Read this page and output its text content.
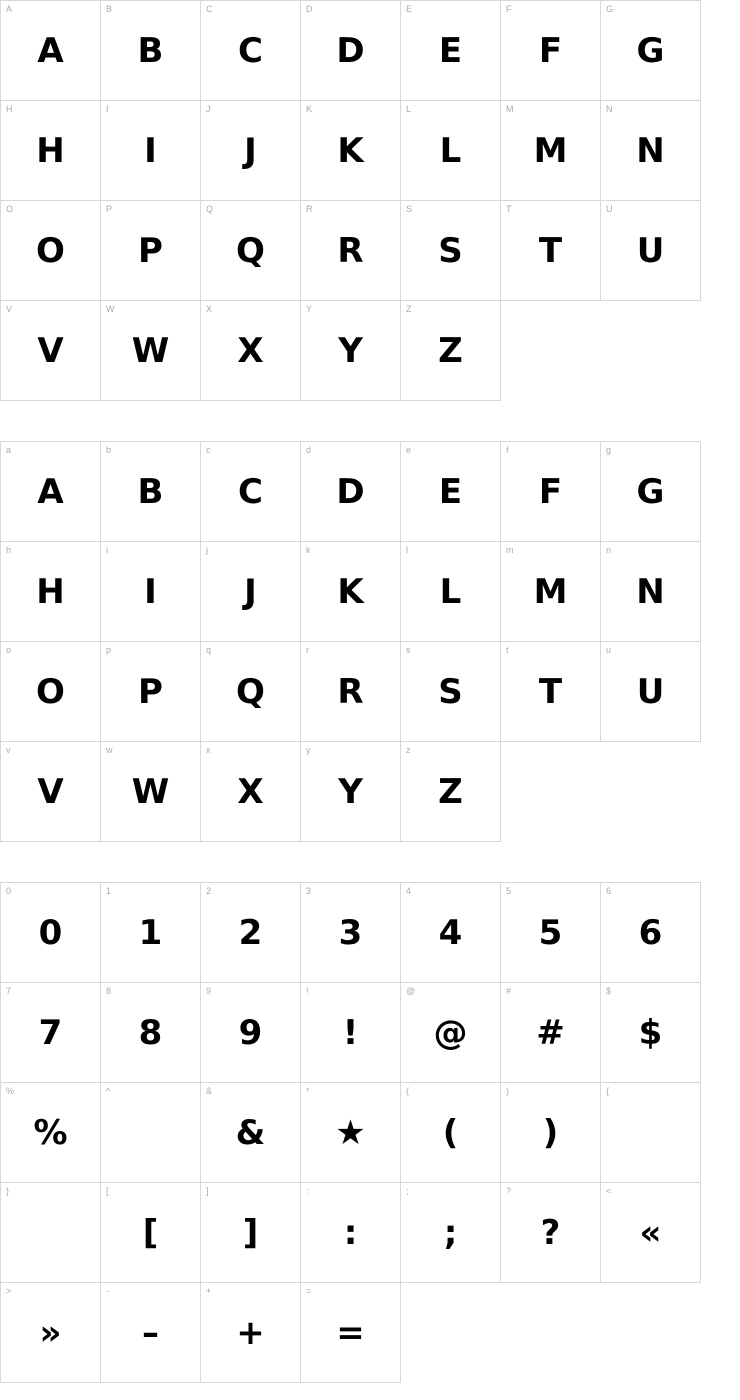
A
A
B
B
C
C
D
D
E
E
F
F
G
G
H
H
I
I
J
J
K
K
L
L
M
M
N
N
O
O
P
P
Q
Q
R
R
S
S
T
T
U
U
V
V
W
W
X
X
Y
Y
Z
Z
a
A
b
B
c
C
d
D
e
E
f
F
g
G
h
H
i
I
j
J
k
K
l
L
m
M
n
N
o
O
p
P
q
Q
r
R
s
S
t
T
u
U
v
V
w
W
x
X
y
Y
z
Z
0
0
1
1
2
2
3
3
4
4
5
5
6
6
7
7
8
8
9
9
!
!
@
@
#
#
$
$
%
%
^	&
&
*
★
(
(
)
)
{
}	[
[
]
]
:
:
;
;
?
?
<
«
>
»
-
–
+
+
=
=
